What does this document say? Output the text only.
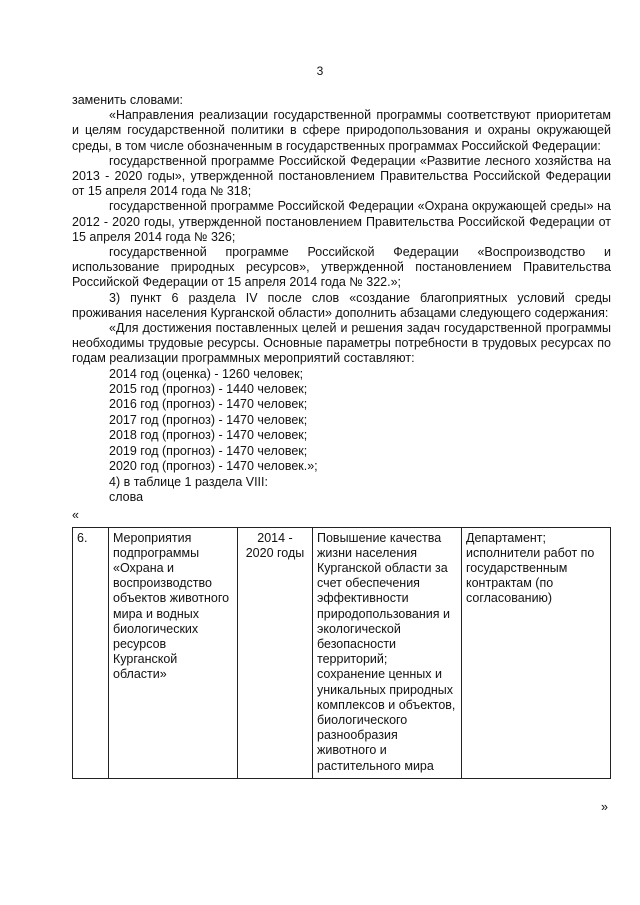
3

заменить словами:

«Направления реализации государственной программы соответствуют приоритетам и целям государственной политики в сфере природопользования и охраны окружающей среды, в том числе обозначенным в государственных программах Российской Федерации:

государственной программе Российской Федерации «Развитие лесного хозяйства на 2013 - 2020 годы», утвержденной постановлением Правительства Российской Федерации от 15 апреля 2014 года № 318;

государственной программе Российской Федерации «Охрана окружающей среды» на 2012 - 2020 годы, утвержденной постановлением Правительства Российской Федерации от 15 апреля 2014 года № 326;

государственной программе Российской Федерации «Воспроизводство и использование природных ресурсов», утвержденной постановлением Правительства Российской Федерации от 15 апреля 2014 года № 322.»;

3) пункт 6 раздела IV после слов «создание благоприятных условий среды проживания населения Курганской области» дополнить абзацами следующего содержания:

«Для достижения поставленных целей и решения задач государственной программы необходимы трудовые ресурсы. Основные параметры потребности в трудовых ресурсах по годам реализации программных мероприятий составляют:

2014 год (оценка) - 1260 человек;
2015 год (прогноз) - 1440 человек;
2016 год (прогноз) - 1470 человек;
2017 год (прогноз) - 1470 человек;
2018 год (прогноз) - 1470 человек;
2019 год (прогноз) - 1470 человек;
2020 год (прогноз) - 1470 человек.»;
4) в таблице 1 раздела VIII:
слова
«
6.	Мероприятия подпрограммы «Охрана и воспроизводство объектов животного мира и водных биологических ресурсов Курганской области»	2014 - 2020 годы	Повышение качества жизни населения Курганской области за счет обеспечения эффективности природопользования и экологической безопасности территорий; сохранение ценных и уникальных природных комплексов и объектов, биологического разнообразия животного и растительного мира	Департамент; исполнители работ по государственным контрактам (по согласованию)
»
